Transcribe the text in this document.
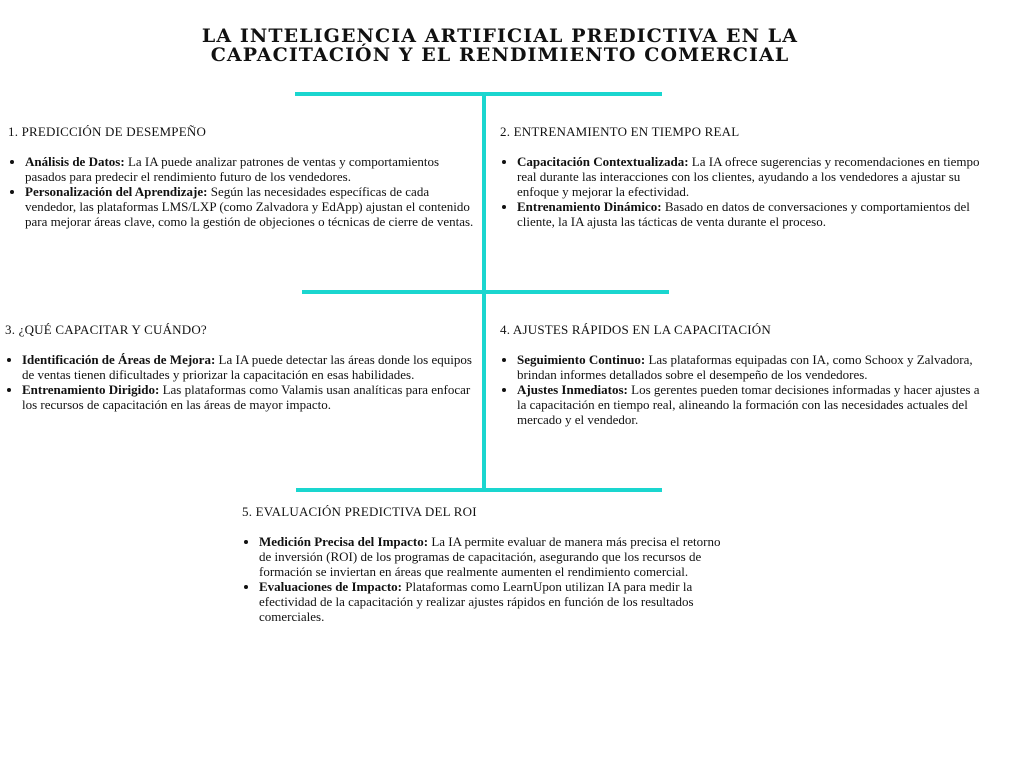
LA INTELIGENCIA ARTIFICIAL PREDICTIVA EN LA
CAPACITACIÓN Y EL RENDIMIENTO COMERCIAL
1. PREDICCIÓN DE DESEMPEÑO
• Análisis de Datos: La IA puede analizar patrones de ventas y comportamientos pasados para predecir el rendimiento futuro de los vendedores.
• Personalización del Aprendizaje: Según las necesidades específicas de cada vendedor, las plataformas LMS/LXP (como Zalvadora y EdApp) ajustan el contenido para mejorar áreas clave, como la gestión de objeciones o técnicas de cierre de ventas.
2. ENTRENAMIENTO EN TIEMPO REAL
• Capacitación Contextualizada: La IA ofrece sugerencias y recomendaciones en tiempo real durante las interacciones con los clientes, ayudando a los vendedores a ajustar su enfoque y mejorar la efectividad.
• Entrenamiento Dinámico: Basado en datos de conversaciones y comportamientos del cliente, la IA ajusta las tácticas de venta durante el proceso.
3. ¿QUÉ CAPACITAR Y CUÁNDO?
• Identificación de Áreas de Mejora: La IA puede detectar las áreas donde los equipos de ventas tienen dificultades y priorizar la capacitación en esas habilidades.
• Entrenamiento Dirigido: Las plataformas como Valamis usan analíticas para enfocar los recursos de capacitación en las áreas de mayor impacto.
4. AJUSTES RÁPIDOS EN LA CAPACITACIÓN
• Seguimiento Continuo: Las plataformas equipadas con IA, como Schoox y Zalvadora, brindan informes detallados sobre el desempeño de los vendedores.
• Ajustes Inmediatos: Los gerentes pueden tomar decisiones informadas y hacer ajustes a la capacitación en tiempo real, alineando la formación con las necesidades actuales del mercado y el vendedor.
5. EVALUACIÓN PREDICTIVA DEL ROI
• Medición Precisa del Impacto: La IA permite evaluar de manera más precisa el retorno de inversión (ROI) de los programas de capacitación, asegurando que los recursos de formación se inviertan en áreas que realmente aumenten el rendimiento comercial.
• Evaluaciones de Impacto: Plataformas como LearnUpon utilizan IA para medir la efectividad de la capacitación y realizar ajustes rápidos en función de los resultados comerciales.
